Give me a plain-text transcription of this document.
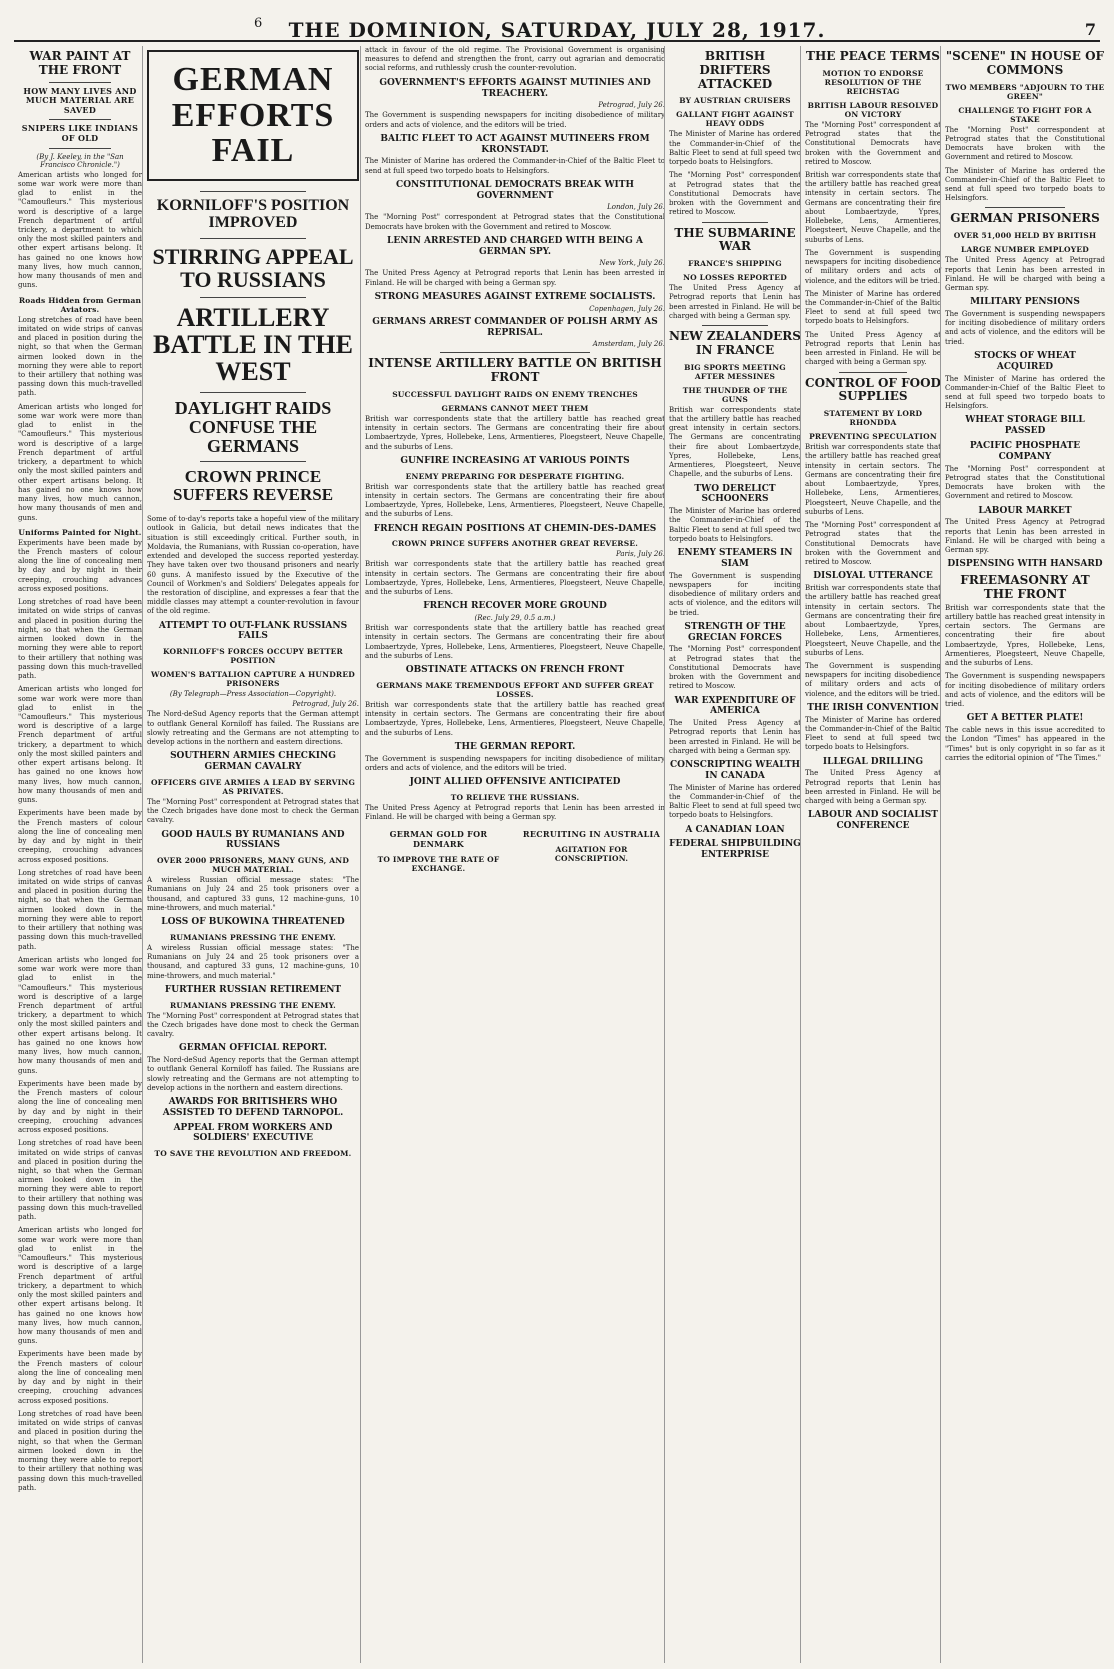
6	THE DOMINION, SATURDAY, JULY 28, 1917.	7
WAR PAINT AT THE FRONT
HOW MANY LIVES AND MUCH MATERIAL ARE SAVED
SNIPERS LIKE INDIANS OF OLD
(By J. Keeley, in the "San Francisco Chronicle.")

American artists who longed for some war work were more than glad to enlist in the "Camoufleurs." This mysterious word is descriptive of a large French department of artful trickery, a department to which only the most skilled painters and other expert artisans belong. It has gained no one knows how many lives, how much cannon, how many thousands of men and guns.

Roads Hidden from German Aviators.

Long stretches of road have been imitated on wide strips of canvas and placed in position during the night, so that when the German airmen looked down in the morning they were able to report to their artillery that nothing was passing down this much-travelled path.

American artists who longed for some war work were more than glad to enlist in the "Camoufleurs." This mysterious word is descriptive of a large French department of artful trickery, a department to which only the most skilled painters and other expert artisans belong. It has gained no one knows how many lives, how much cannon, how many thousands of men and guns.

Uniforms Painted for Night.

Experiments have been made by the French masters of colour along the line of concealing men by day and by night in their creeping, crouching advances across exposed positions.

Long stretches of road have been imitated on wide strips of canvas and placed in position during the night, so that when the German airmen looked down in the morning they were able to report to their artillery that nothing was passing down this much-travelled path.

American artists who longed for some war work were more than glad to enlist in the "Camoufleurs." This mysterious word is descriptive of a large French department of artful trickery, a department to which only the most skilled painters and other expert artisans belong. It has gained no one knows how many lives, how much cannon, how many thousands of men and guns.

Experiments have been made by the French masters of colour along the line of concealing men by day and by night in their creeping, crouching advances across exposed positions.

Long stretches of road have been imitated on wide strips of canvas and placed in position during the night, so that when the German airmen looked down in the morning they were able to report to their artillery that nothing was passing down this much-travelled path.

American artists who longed for some war work were more than glad to enlist in the "Camoufleurs." This mysterious word is descriptive of a large French department of artful trickery, a department to which only the most skilled painters and other expert artisans belong. It has gained no one knows how many lives, how much cannon, how many thousands of men and guns.

Experiments have been made by the French masters of colour along the line of concealing men by day and by night in their creeping, crouching advances across exposed positions.

Long stretches of road have been imitated on wide strips of canvas and placed in position during the night, so that when the German airmen looked down in the morning they were able to report to their artillery that nothing was passing down this much-travelled path.

American artists who longed for some war work were more than glad to enlist in the "Camoufleurs." This mysterious word is descriptive of a large French department of artful trickery, a department to which only the most skilled painters and other expert artisans belong. It has gained no one knows how many lives, how much cannon, how many thousands of men and guns.

Experiments have been made by the French masters of colour along the line of concealing men by day and by night in their creeping, crouching advances across exposed positions.

Long stretches of road have been imitated on wide strips of canvas and placed in position during the night, so that when the German airmen looked down in the morning they were able to report to their artillery that nothing was passing down this much-travelled path.

GERMAN EFFORTS FAIL
KORNILOFF'S POSITION IMPROVED
STIRRING APPEAL TO RUSSIANS
ARTILLERY BATTLE IN THE WEST
DAYLIGHT RAIDS CONFUSE THE GERMANS
CROWN PRINCE SUFFERS REVERSE

Some of to-day's reports take a hopeful view of the military outlook in Galicia, but detail news indicates that the situation is still exceedingly critical. Further south, in Moldavia, the Rumanians, with Russian co-operation, have extended and developed the success reported yesterday. They have taken over two thousand prisoners and nearly 60 guns. A manifesto issued by the Executive of the Council of Workmen's and Soldiers' Delegates appeals for the restoration of discipline, and expresses a fear that the middle classes may attempt a counter-revolution in favour of the old regime.

ATTEMPT TO OUT-FLANK RUSSIANS FAILS
KORNILOFF'S FORCES OCCUPY BETTER POSITION
WOMEN'S BATTALION CAPTURE A HUNDRED PRISONERS
(By Telegraph—Press Association—Copyright).
Petrograd, July 26.

The Nord-deSud Agency reports that the German attempt to outflank General Korniloff has failed. The Russians are slowly retreating and the Germans are not attempting to develop actions in the northern and eastern directions.

SOUTHERN ARMIES CHECKING GERMAN CAVALRY
OFFICERS GIVE ARMIES A LEAD BY SERVING AS PRIVATES.

The "Morning Post" correspondent at Petrograd states that the Czech brigades have done most to check the German cavalry.

GOOD HAULS BY RUMANIANS AND RUSSIANS
OVER 2000 PRISONERS, MANY GUNS, AND MUCH MATERIAL.

A wireless Russian official message states: "The Rumanians on July 24 and 25 took prisoners over a thousand, and captured 33 guns, 12 machine-guns, 10 mine-throwers, and much material."

LOSS OF BUKOWINA THREATENED
RUMANIANS PRESSING THE ENEMY.

A wireless Russian official message states: "The Rumanians on July 24 and 25 took prisoners over a thousand, and captured 33 guns, 12 machine-guns, 10 mine-throwers, and much material."

FURTHER RUSSIAN RETIREMENT
RUMANIANS PRESSING THE ENEMY.

The "Morning Post" correspondent at Petrograd states that the Czech brigades have done most to check the German cavalry.

GERMAN OFFICIAL REPORT.

The Nord-deSud Agency reports that the German attempt to outflank General Korniloff has failed. The Russians are slowly retreating and the Germans are not attempting to develop actions in the northern and eastern directions.

AWARDS FOR BRITISHERS WHO ASSISTED TO DEFEND TARNOPOL.
APPEAL FROM WORKERS AND SOLDIERS' EXECUTIVE
TO SAVE THE REVOLUTION AND FREEDOM.

attack in favour of the old regime. The Provisional Government is organising measures to defend and strengthen the front, carry out agrarian and democratic social reforms, and ruthlessly crush the counter-revolution.

GOVERNMENT'S EFFORTS AGAINST MUTINIES AND TREACHERY.
Petrograd, July 26.

The Government is suspending newspapers for inciting disobedience of military orders and acts of violence, and the editors will be tried.

BALTIC FLEET TO ACT AGAINST MUTINEERS FROM KRONSTADT.

The Minister of Marine has ordered the Commander-in-Chief of the Baltic Fleet to send at full speed two torpedo boats to Helsingfors.

CONSTITUTIONAL DEMOCRATS BREAK WITH GOVERNMENT
London, July 26.

The "Morning Post" correspondent at Petrograd states that the Constitutional Democrats have broken with the Government and retired to Moscow.

LENIN ARRESTED AND CHARGED WITH BEING A GERMAN SPY.
New York, July 26.

The United Press Agency at Petrograd reports that Lenin has been arrested in Finland. He will be charged with being a German spy.

STRONG MEASURES AGAINST EXTREME SOCIALISTS.
Copenhagen, July 26.
GERMANS ARREST COMMANDER OF POLISH ARMY AS REPRISAL.
Amsterdam, July 26.
INTENSE ARTILLERY BATTLE ON BRITISH FRONT
SUCCESSFUL DAYLIGHT RAIDS ON ENEMY TRENCHES
GERMANS CANNOT MEET THEM

British war correspondents state that the artillery battle has reached great intensity in certain sectors. The Germans are concentrating their fire about Lombaertzyde, Ypres, Hollebeke, Lens, Armentieres, Ploegsteert, Neuve Chapelle, and the suburbs of Lens.

GUNFIRE INCREASING AT VARIOUS POINTS
ENEMY PREPARING FOR DESPERATE FIGHTING.

British war correspondents state that the artillery battle has reached great intensity in certain sectors. The Germans are concentrating their fire about Lombaertzyde, Ypres, Hollebeke, Lens, Armentieres, Ploegsteert, Neuve Chapelle, and the suburbs of Lens.

FRENCH REGAIN POSITIONS AT CHEMIN-DES-DAMES
CROWN PRINCE SUFFERS ANOTHER GREAT REVERSE.
Paris, July 26.

British war correspondents state that the artillery battle has reached great intensity in certain sectors. The Germans are concentrating their fire about Lombaertzyde, Ypres, Hollebeke, Lens, Armentieres, Ploegsteert, Neuve Chapelle, and the suburbs of Lens.

FRENCH RECOVER MORE GROUND
(Rec. July 29, 0.5 a.m.)

British war correspondents state that the artillery battle has reached great intensity in certain sectors. The Germans are concentrating their fire about Lombaertzyde, Ypres, Hollebeke, Lens, Armentieres, Ploegsteert, Neuve Chapelle, and the suburbs of Lens.

OBSTINATE ATTACKS ON FRENCH FRONT
GERMANS MAKE TREMENDOUS EFFORT AND SUFFER GREAT LOSSES.

British war correspondents state that the artillery battle has reached great intensity in certain sectors. The Germans are concentrating their fire about Lombaertzyde, Ypres, Hollebeke, Lens, Armentieres, Ploegsteert, Neuve Chapelle, and the suburbs of Lens.

THE GERMAN REPORT.

The Government is suspending newspapers for inciting disobedience of military orders and acts of violence, and the editors will be tried.

JOINT ALLIED OFFENSIVE ANTICIPATED
TO RELIEVE THE RUSSIANS.

The United Press Agency at Petrograd reports that Lenin has been arrested in Finland. He will be charged with being a German spy.

GERMAN GOLD FOR DENMARK
TO IMPROVE THE RATE OF EXCHANGE.
RECRUITING IN AUSTRALIA
AGITATION FOR CONSCRIPTION.
BRITISH DRIFTERS ATTACKED
BY AUSTRIAN CRUISERS
GALLANT FIGHT AGAINST HEAVY ODDS

The Minister of Marine has ordered the Commander-in-Chief of the Baltic Fleet to send at full speed two torpedo boats to Helsingfors.

The "Morning Post" correspondent at Petrograd states that the Constitutional Democrats have broken with the Government and retired to Moscow.

THE SUBMARINE WAR
FRANCE'S SHIPPING
NO LOSSES REPORTED

The United Press Agency at Petrograd reports that Lenin has been arrested in Finland. He will be charged with being a German spy.

NEW ZEALANDERS IN FRANCE
BIG SPORTS MEETING AFTER MESSINES
THE THUNDER OF THE GUNS

British war correspondents state that the artillery battle has reached great intensity in certain sectors. The Germans are concentrating their fire about Lombaertzyde, Ypres, Hollebeke, Lens, Armentieres, Ploegsteert, Neuve Chapelle, and the suburbs of Lens.

TWO DERELICT SCHOONERS

The Minister of Marine has ordered the Commander-in-Chief of the Baltic Fleet to send at full speed two torpedo boats to Helsingfors.

ENEMY STEAMERS IN SIAM

The Government is suspending newspapers for inciting disobedience of military orders and acts of violence, and the editors will be tried.

STRENGTH OF THE GRECIAN FORCES

The "Morning Post" correspondent at Petrograd states that the Constitutional Democrats have broken with the Government and retired to Moscow.

WAR EXPENDITURE OF AMERICA

The United Press Agency at Petrograd reports that Lenin has been arrested in Finland. He will be charged with being a German spy.

CONSCRIPTING WEALTH IN CANADA

The Minister of Marine has ordered the Commander-in-Chief of the Baltic Fleet to send at full speed two torpedo boats to Helsingfors.

A CANADIAN LOAN
FEDERAL SHIPBUILDING ENTERPRISE
THE PEACE TERMS
MOTION TO ENDORSE RESOLUTION OF THE REICHSTAG
BRITISH LABOUR RESOLVED ON VICTORY

The "Morning Post" correspondent at Petrograd states that the Constitutional Democrats have broken with the Government and retired to Moscow.

British war correspondents state that the artillery battle has reached great intensity in certain sectors. The Germans are concentrating their fire about Lombaertzyde, Ypres, Hollebeke, Lens, Armentieres, Ploegsteert, Neuve Chapelle, and the suburbs of Lens.

The Government is suspending newspapers for inciting disobedience of military orders and acts of violence, and the editors will be tried.

The Minister of Marine has ordered the Commander-in-Chief of the Baltic Fleet to send at full speed two torpedo boats to Helsingfors.

The United Press Agency at Petrograd reports that Lenin has been arrested in Finland. He will be charged with being a German spy.

CONTROL OF FOOD SUPPLIES
STATEMENT BY LORD RHONDDA
PREVENTING SPECULATION

British war correspondents state that the artillery battle has reached great intensity in certain sectors. The Germans are concentrating their fire about Lombaertzyde, Ypres, Hollebeke, Lens, Armentieres, Ploegsteert, Neuve Chapelle, and the suburbs of Lens.

The "Morning Post" correspondent at Petrograd states that the Constitutional Democrats have broken with the Government and retired to Moscow.

DISLOYAL UTTERANCE

British war correspondents state that the artillery battle has reached great intensity in certain sectors. The Germans are concentrating their fire about Lombaertzyde, Ypres, Hollebeke, Lens, Armentieres, Ploegsteert, Neuve Chapelle, and the suburbs of Lens.

The Government is suspending newspapers for inciting disobedience of military orders and acts of violence, and the editors will be tried.

THE IRISH CONVENTION

The Minister of Marine has ordered the Commander-in-Chief of the Baltic Fleet to send at full speed two torpedo boats to Helsingfors.

ILLEGAL DRILLING

The United Press Agency at Petrograd reports that Lenin has been arrested in Finland. He will be charged with being a German spy.

LABOUR AND SOCIALIST CONFERENCE
"SCENE" IN HOUSE OF COMMONS
TWO MEMBERS "ADJOURN TO THE GREEN"
CHALLENGE TO FIGHT FOR A STAKE

The "Morning Post" correspondent at Petrograd states that the Constitutional Democrats have broken with the Government and retired to Moscow.

The Minister of Marine has ordered the Commander-in-Chief of the Baltic Fleet to send at full speed two torpedo boats to Helsingfors.

GERMAN PRISONERS
OVER 51,000 HELD BY BRITISH
LARGE NUMBER EMPLOYED

The United Press Agency at Petrograd reports that Lenin has been arrested in Finland. He will be charged with being a German spy.

MILITARY PENSIONS

The Government is suspending newspapers for inciting disobedience of military orders and acts of violence, and the editors will be tried.

STOCKS OF WHEAT ACQUIRED

The Minister of Marine has ordered the Commander-in-Chief of the Baltic Fleet to send at full speed two torpedo boats to Helsingfors.

WHEAT STORAGE BILL PASSED
PACIFIC PHOSPHATE COMPANY

The "Morning Post" correspondent at Petrograd states that the Constitutional Democrats have broken with the Government and retired to Moscow.

LABOUR MARKET

The United Press Agency at Petrograd reports that Lenin has been arrested in Finland. He will be charged with being a German spy.

DISPENSING WITH HANSARD
FREEMASONRY AT THE FRONT

British war correspondents state that the artillery battle has reached great intensity in certain sectors. The Germans are concentrating their fire about Lombaertzyde, Ypres, Hollebeke, Lens, Armentieres, Ploegsteert, Neuve Chapelle, and the suburbs of Lens.

The Government is suspending newspapers for inciting disobedience of military orders and acts of violence, and the editors will be tried.

GET A BETTER PLATE!

The cable news in this issue accredited to the London "Times" has appeared in the "Times" but is only copyright in so far as it carries the editorial opinion of "The Times."
